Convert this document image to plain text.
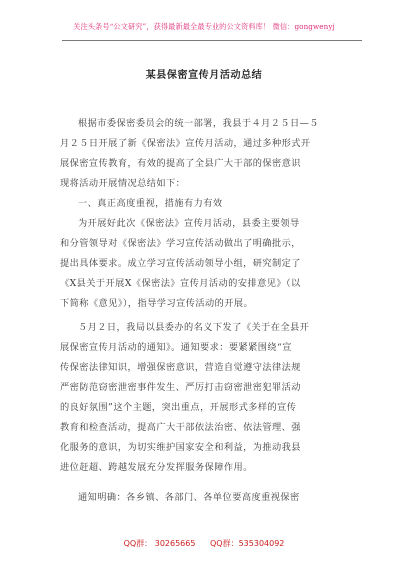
关注头条号“公文研究”，获得最新最全最专业的公文资料库！ 微信：gongwenyj
某县保密宣传月活动总结
根据市委保密委员会的统一部署，我县于４月２５日—５
月２５日开展了新《保密法》宣传月活动，通过多种形式开
展保密宣传教育，有效的提高了全县广大干部的保密意识
现将活动开展情况总结如下：
一、真正高度重视，措施有力有效
为开展好此次《保密法》宣传月活动，县委主要领导
和分管领导对《保密法》学习宣传活动做出了明确批示，
提出具体要求。成立学习宣传活动领导小组，研究制定了
《X县关于开展X《保密法》宣传月活动的安排意见》（以
下简称《意见》），指导学习宣传活动的开展。
５月２日，我局以县委办的名义下发了《关于在全县开
展保密宣传月活动的通知》。通知要求：要紧紧围绕“宣
传保密法律知识，增强保密意识，营造自觉遵守法律法规
严密防范窃密泄密事件发生、严厉打击窃密泄密犯罪活动
的良好氛围”这个主题，突出重点，开展形式多样的宣传
教育和检查活动，提高广大干部依法治密、依法管理、强
化服务的意识，为切实维护国家安全和利益，为推动我县
进位赶超、跨越发展充分发挥服务保障作用。
通知明确：各乡镇、各部门、各单位要高度重视保密
QQ群： 30265665 QQ群：535304092
